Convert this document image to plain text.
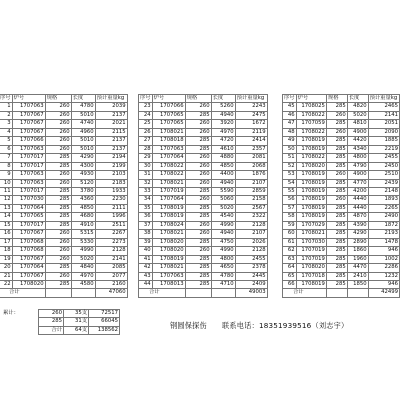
序号	炉号	规格	长度	预计重量kg
1	1707063	260	4780	2039
2	1707067	260	5010	2137
3	1707067	260	4740	2021
4	1707067	260	4960	2115
5	1707066	260	5010	2137
6	1707063	260	5010	2137
7	1707017	285	4290	2194
8	1707017	285	4300	2199
9	1707063	260	4930	2103
10	1707063	260	5120	2183
11	1707017	285	3780	1933
12	1707030	285	4360	2230
13	1707064	285	4850	2111
14	1707065	285	4680	1996
15	1707017	285	4910	2511
16	1707067	260	5315	2267
17	1707068	260	5330	2273
18	1707068	260	4990	2128
19	1707067	260	5020	2141
20	1707064	285	4840	2085
21	1707067	260	4970	2077
22	1708020	285	4580	2160
合计				47060
序号	炉号	规格	长度	预计重量kg
23	1707066	260	5260	2243
24	1707065	285	4940	2475
25	1707065	260	3920	1672
26	1708021	260	4970	2119
27	1708018	285	4720	2414
28	1707063	285	4610	2357
29	1707064	260	4880	2081
30	1708022	260	4850	2068
31	1708022	260	4400	1876
32	1708021	260	4940	2107
33	1707019	285	5590	2859
34	1707064	260	5060	2158
35	1708019	285	5020	2567
36	1708019	285	4540	2322
37	1708024	260	4990	2128
38	1708021	260	4940	2107
39	1708020	285	4750	2026
40	1708020	260	4990	2128
41	1708019	285	4800	2455
42	1708021	285	4650	2378
43	1707063	285	4780	2445
44	1708013	285	4710	2409
合计				49003
序号	炉号	规格	长度	预计重量kg
45	1708025	285	4820	2465
46	1708022	260	5020	2141
47	1707059	285	4810	2051
48	1708022	260	4900	2090
49	1708019	285	4420	1885
50	1708019	285	4340	2219
51	1708022	285	4800	2455
52	1708020	285	4790	2450
53	1708019	260	4900	2510
54	1708019	285	4770	2439
55	1708019	285	4200	2148
56	1708019	260	4440	1893
57	1708019	285	4440	2265
58	1708019	285	4870	2490
59	1707029	285	4390	1872
60	1708021	285	4290	2193
61	1707030	285	2890	1478
62	1707019	285	1860	946
63	1707019	285	1960	1002
64	1708020	285	4470	2286
65	1707018	285	2410	1232
66	1708019	285	1850	946
合计				42499
累计：		260	35支	72517
		285	31支	66045
		合计	64支	138562	钢圆保探伤 联系电话：18351939516（刘志宇）
